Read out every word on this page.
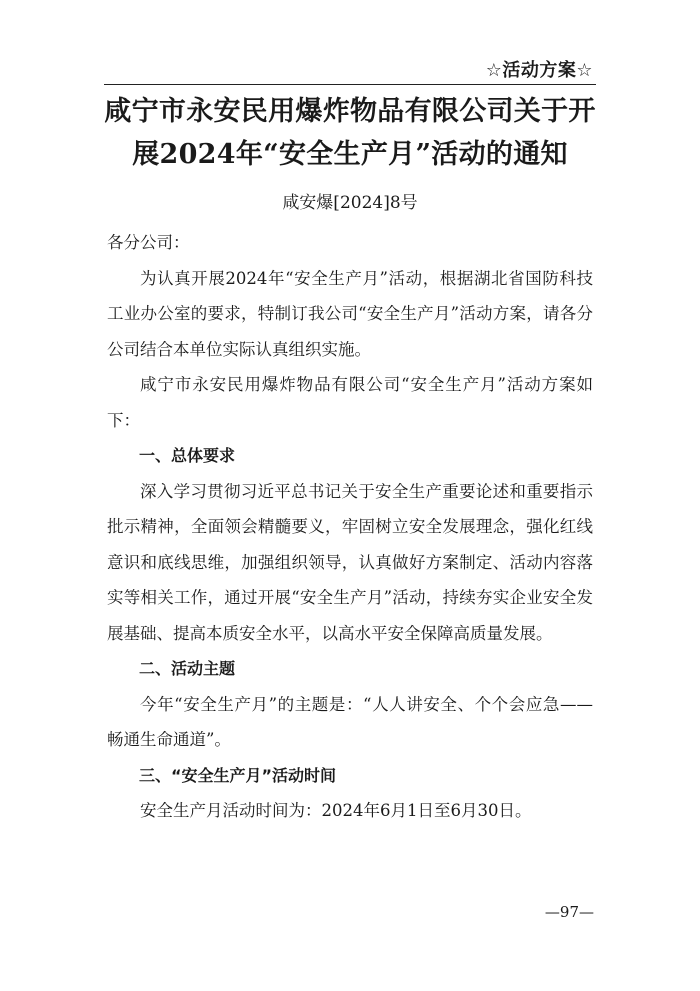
☆活动方案☆
咸宁市永安民用爆炸物品有限公司关于开
展2024年“安全生产月”活动的通知
咸安爆[2024]8号

各分公司：

为认真开展2024年“安全生产月”活动，根据湖北省国防科技工业办公室的要求，特制订我公司“安全生产月”活动方案，请各分公司结合本单位实际认真组织实施。

咸宁市永安民用爆炸物品有限公司“安全生产月”活动方案如下：

一、总体要求

深入学习贯彻习近平总书记关于安全生产重要论述和重要指示批示精神，全面领会精髓要义，牢固树立安全发展理念，强化红线意识和底线思维，加强组织领导，认真做好方案制定、活动内容落实等相关工作，通过开展“安全生产月”活动，持续夯实企业安全发展基础、提高本质安全水平，以高水平安全保障高质量发展。

二、活动主题

今年“安全生产月”的主题是：“人人讲安全、个个会应急——畅通生命通道”。

三、“安全生产月”活动时间

安全生产月活动时间为：2024年6月1日至6月30日。

—97—
